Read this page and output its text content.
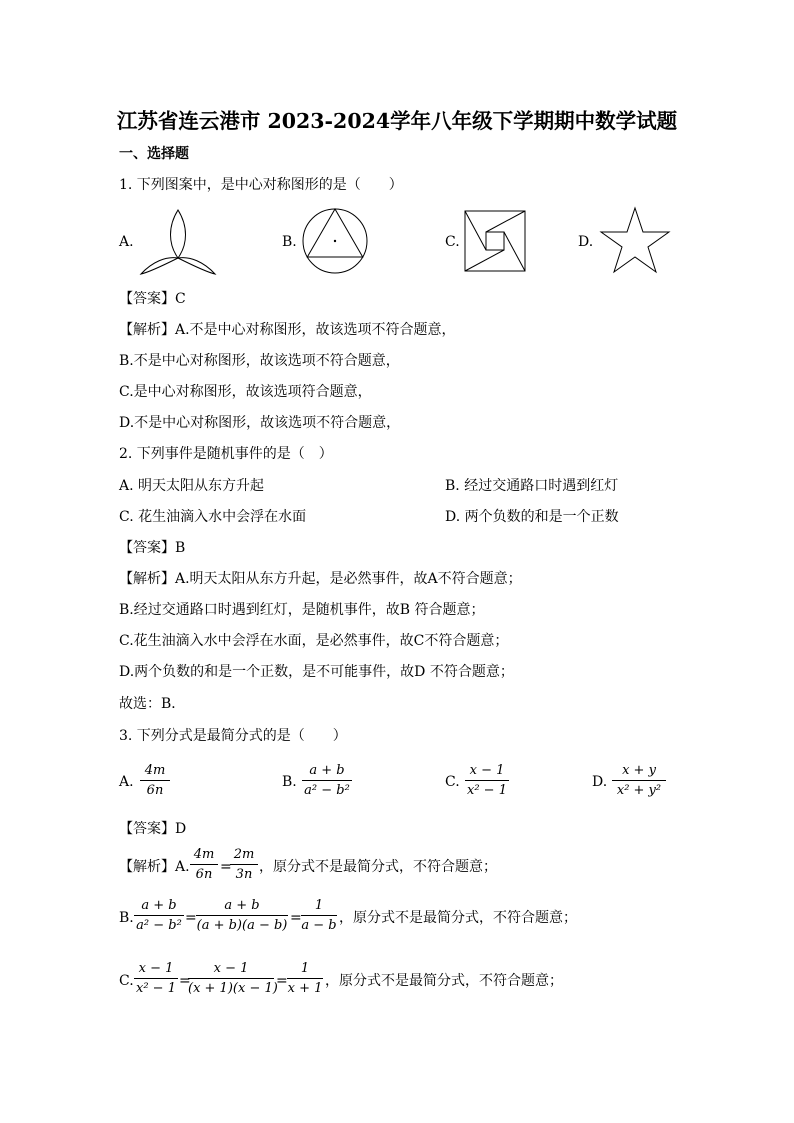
江苏省连云港市 2023-2024学年八年级下学期期中数学试题
一、选择题
1. 下列图案中，是中心对称图形的是（　　）
A.	B.	C.	D.
【答案】C
【解析】A.不是中心对称图形，故该选项不符合题意，
B.不是中心对称图形，故该选项不符合题意，
C.是中心对称图形，故该选项符合题意，
D.不是中心对称图形，故该选项不符合题意，
2. 下列事件是随机事件的是（　）
A. 明天太阳从东方升起	B. 经过交通路口时遇到红灯
C. 花生油滴入水中会浮在水面	D. 两个负数的和是一个正数
【答案】B
【解析】A.明天太阳从东方升起，是必然事件，故A不符合题意；
B.经过交通路口时遇到红灯，是随机事件，故B 符合题意；
C.花生油滴入水中会浮在水面，是必然事件，故C不符合题意；
D.两个负数的和是一个正数，是不可能事件，故D 不符合题意；
故选：B．
3. 下列分式是最简分式的是（　　）
A.
4m
6n
B.
a + b
a² − b²
C.
x − 1
x² − 1
D.
x + y
x² + y²
【答案】D
【解析】A.
4m
6n =
2m
3n ，原分式不是最简分式，不符合题意；
B.
a + b
a² − b² =
a + b
(a + b)(a − b) =
1
a − b ，原分式不是最简分式，不符合题意；
C.
x − 1
x² − 1 =
x − 1
(x + 1)(x − 1)
=
1
x + 1 ，原分式不是最简分式，不符合题意；
